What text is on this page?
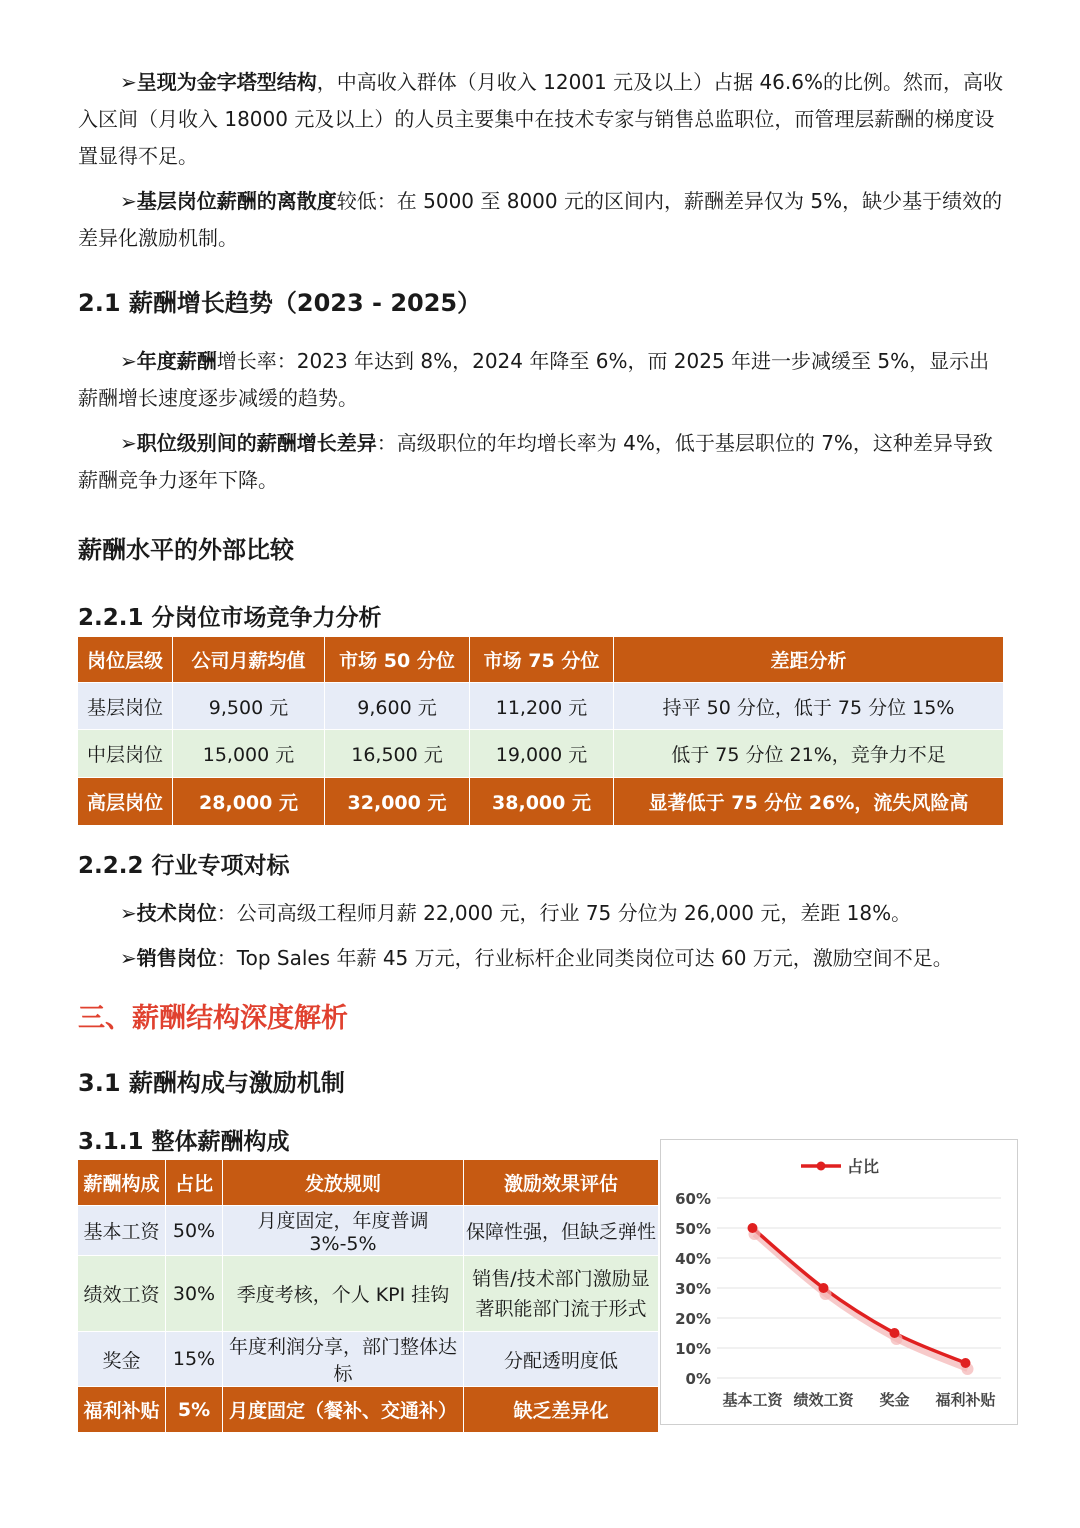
➢呈现为金字塔型结构，中高收入群体（月收入 12001 元及以上）占据 46.6%的比例。然而，高收入区间（月收入 18000 元及以上）的人员主要集中在技术专家与销售总监职位，而管理层薪酬的梯度设置显得不足。

➢基层岗位薪酬的离散度较低：在 5000 至 8000 元的区间内，薪酬差异仅为 5%，缺少基于绩效的差异化激励机制。

2.1 薪酬增长趋势（2023 - 2025）

➢年度薪酬增长率：2023 年达到 8%，2024 年降至 6%，而 2025 年进一步减缓至 5%，显示出薪酬增长速度逐步减缓的趋势。

➢职位级别间的薪酬增长差异：高级职位的年均增长率为 4%，低于基层职位的 7%，这种差异导致薪酬竞争力逐年下降。

薪酬水平的外部比较
2.2.1 分岗位市场竞争力分析
岗位层级	公司月薪均值	市场 50 分位	市场 75 分位	差距分析
基层岗位	9,500 元	9,600 元	11,200 元	持平 50 分位，低于 75 分位 15%
中层岗位	15,000 元	16,500 元	19,000 元	低于 75 分位 21%，竞争力不足
高层岗位	28,000 元	32,000 元	38,000 元	显著低于 75 分位 26%，流失风险高
2.2.2 行业专项对标

➢技术岗位：公司高级工程师月薪 22,000 元，行业 75 分位为 26,000 元，差距 18%。

➢销售岗位：Top Sales 年薪 45 万元，行业标杆企业同类岗位可达 60 万元，激励空间不足。

三、薪酬结构深度解析
3.1 薪酬构成与激励机制
3.1.1 整体薪酬构成
薪酬构成	占比	发放规则	激励效果评估
基本工资	50%	月度固定，年度普调 3%-5%	保障性强，但缺乏弹性
绩效工资	30%	季度考核，个人 KPI 挂钩	销售/技术部门激励显著职能部门流于形式
奖金	15%	年度利润分享，部门整体达标	分配透明度低
福利补贴	5%	月度固定（餐补、交通补）	缺乏差异化
0%
10%
20%
30%
40%
50%
60%
基本工资 绩效工资 奖金 福利补贴
占比
